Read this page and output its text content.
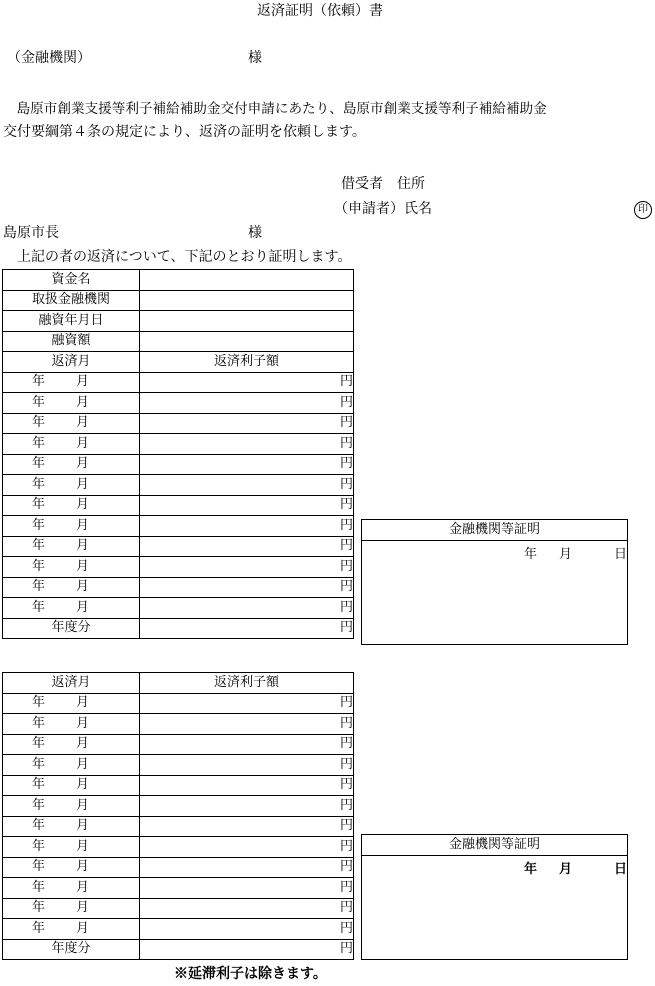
返済証明（依頼）書
（金融機関）	様
　島原市創業支援等利子補給補助金交付申請にあたり、島原市創業支援等利子補給補助金
交付要綱第４条の規定により、返済の証明を依頼します。
借受者　住所
（申請者）氏名	印
島原市長	様
　上記の者の返済について、下記のとおり証明します。
資金名	
取扱金融機関	
融資年月日	
融資額	
返済月	返済利子額
年 月	円
年 月	円
年 月	円
年 月	円
年 月	円
年 月	円
年 月	円
年 月	円
年 月	円
年 月	円
年 月	円
年 月	円
年度分	円
金融機関等証明
年 月	日
返済月	返済利子額
年 月	円
年 月	円
年 月	円
年 月	円
年 月	円
年 月	円
年 月	円
年 月	円
年 月	円
年 月	円
年 月	円
年 月	円
年度分	円
金融機関等証明
年 月	日
※延滞利子は除きます。
